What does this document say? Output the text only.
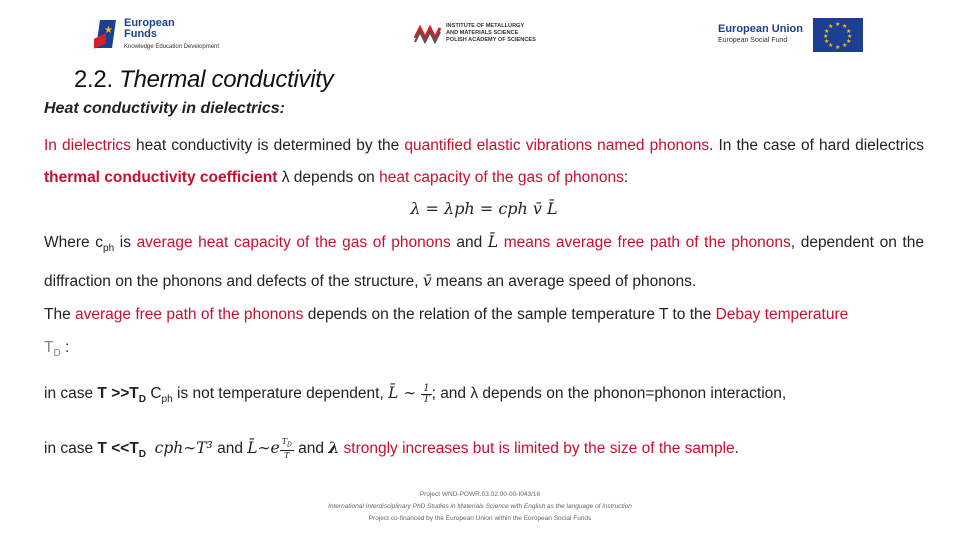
★
European
Funds
Knowledge Education Development
INSTITUTE OF METALLURGY
AND MATERIALS SCIENCE
POLISH ACADEMY OF SCIENCES
European Union
European Social Fund
★ ★
★
★
★
★
★
★
★
★
★
★
2.2. Thermal conductivity

Heat conductivity in dielectrics:

In dielectrics heat conductivity is determined by the quantified elastic vibrations named phonons. In the case of hard dielectrics thermal conductivity coefficient λ depends on heat capacity of the gas of phonons:

λ = λph = cph v̄ L̄

Where $c_{ph}$ is average heat capacity of the gas of phonons and L̄ means average free path of the phonons, dependent on the diffraction on the phonons and defects of the structure, v̄ means an average speed of phonons.

The average free path of the phonons depends on the relation of the sample temperature T to the Debay temperature
$T_D$ :

in case $T >>T_D$ $C_{ph}$ is not temperature dependent, L̄ ∼ $\frac{1}{T}$ ; and λ depends on the phonon=phonon interaction,

in case $T <<T_D$ cph∼T³ and L̄∼e $\frac{T_D}{T}$ and λ strongly increases but is limited by the size of the sample.

Project WND-POWR.03.02.00-00-I043/16
International Interdisciplinary PhD Studies in Materials Science with English as the language of instruction
Project co-financed by the European Union within the European Social Funds
